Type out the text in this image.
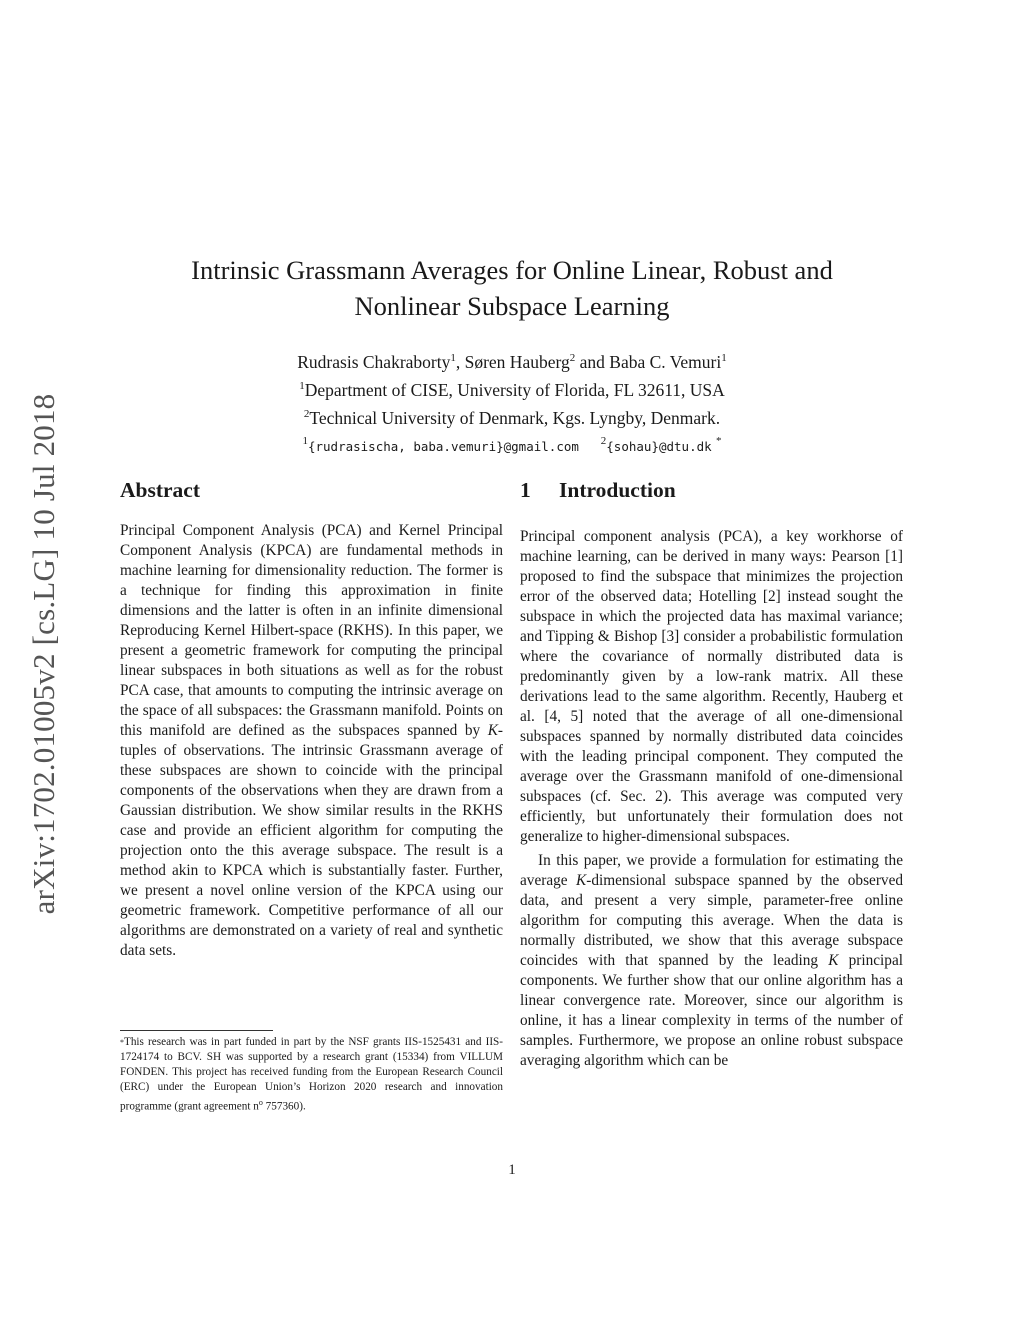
arXiv:1702.01005v2 [cs.LG] 10 Jul 2018
Intrinsic Grassmann Averages for Online Linear, Robust and
Nonlinear Subspace Learning
Rudrasis Chakraborty$^1$, Søren Hauberg$^2$ and Baba C. Vemuri$^1$
$^1$Department of CISE, University of Florida, FL 32611, USA
$^2$Technical University of Denmark, Kgs. Lyngby, Denmark.
$^1${rudrasischa, baba.vemuri}@gmail.com $^2${sohau}@dtu.dk *
Abstract	1 Introduction

Principal Component Analysis (PCA) and Kernel Principal Component Analysis (KPCA) are fundamental methods in machine learning for dimensionality reduction. The former is a technique for finding this approximation in finite dimensions and the latter is often in an infinite dimensional Reproducing Kernel Hilbert-space (RKHS). In this paper, we present a geometric framework for computing the principal linear subspaces in both situations as well as for the robust PCA case, that amounts to computing the intrinsic average on the space of all subspaces: the Grassmann manifold. Points on this manifold are defined as the subspaces spanned by K-tuples of observations. The intrinsic Grassmann average of these subspaces are shown to coincide with the principal components of the observations when they are drawn from a Gaussian distribution. We show similar results in the RKHS case and provide an efficient algorithm for computing the projection onto the this average subspace. The result is a method akin to KPCA which is substantially faster. Further, we present a novel online version of the KPCA using our geometric framework. Competitive performance of all our algorithms are demonstrated on a variety of real and synthetic data sets.

*This research was in part funded in part by the NSF grants IIS-1525431 and IIS-1724174 to BCV. SH was supported by a research grant (15334) from VILLUM FONDEN. This project has received funding from the European Research Council (ERC) under the European Union’s Horizon 2020 research and innovation programme (grant agreement $n^o$ 757360).

Principal component analysis (PCA), a key workhorse of machine learning, can be derived in many ways: Pearson [1] proposed to find the subspace that minimizes the projection error of the observed data; Hotelling [2] instead sought the subspace in which the projected data has maximal variance; and Tipping & Bishop [3] consider a probabilistic formulation where the covariance of normally distributed data is predominantly given by a low-rank matrix. All these derivations lead to the same algorithm. Recently, Hauberg et al. [4, 5] noted that the average of all one-dimensional subspaces spanned by normally distributed data coincides with the leading principal component. They computed the average over the Grassmann manifold of one-dimensional subspaces (cf. Sec. 2). This average was computed very efficiently, but unfortunately their formulation does not generalize to higher-dimensional subspaces.

In this paper, we provide a formulation for estimating the average K-dimensional subspace spanned by the observed data, and present a very simple, parameter-free online algorithm for computing this average. When the data is normally distributed, we show that this average subspace coincides with that spanned by the leading K principal components. We further show that our online algorithm has a linear convergence rate. Moreover, since our algorithm is online, it has a linear complexity in terms of the number of samples. Furthermore, we propose an online robust subspace averaging algorithm which can be

1
